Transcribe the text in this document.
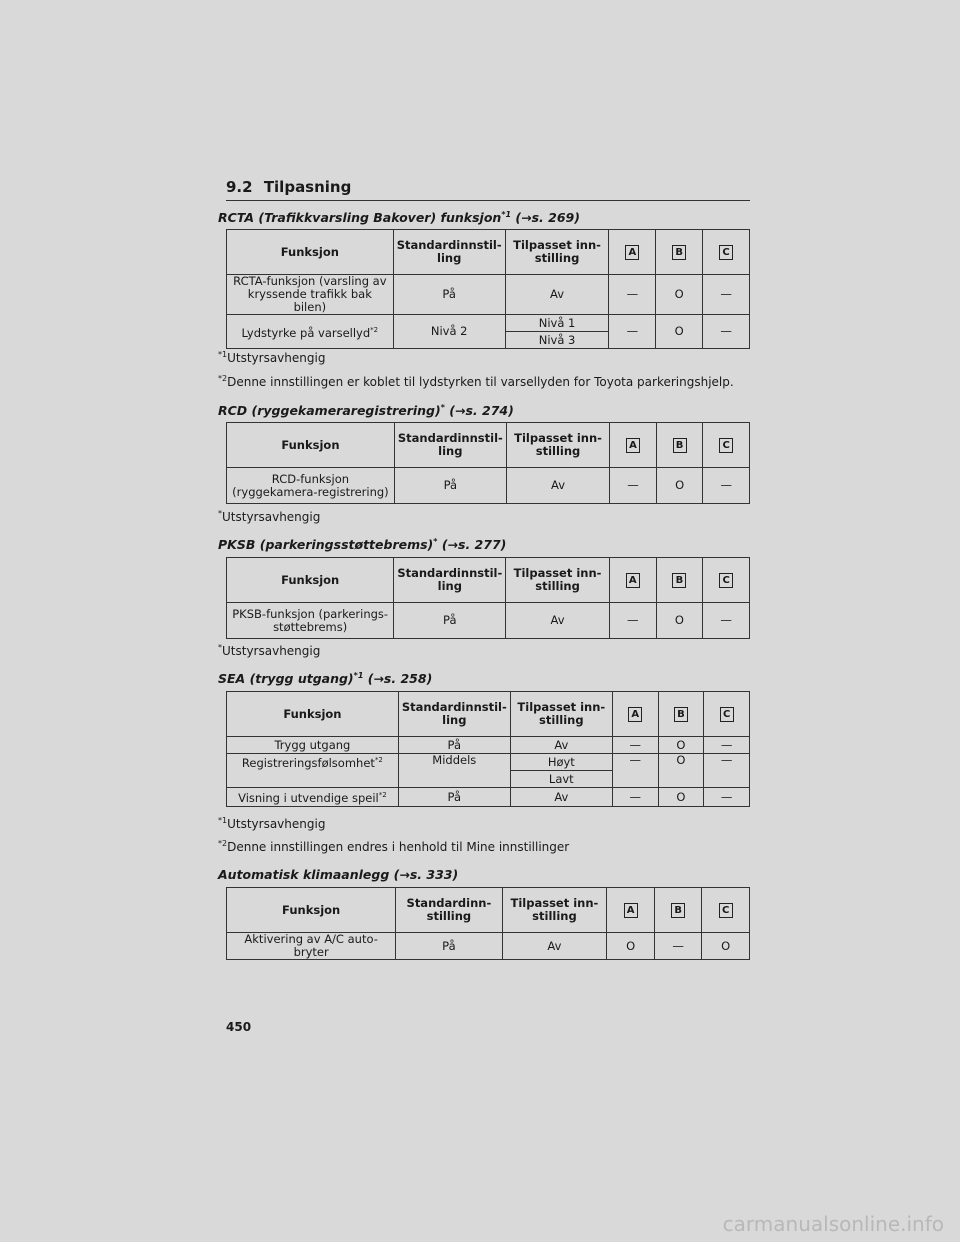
9.2 Tilpasning
RCTA (Trafikkvarsling Bakover) funksjon$^{*1}$ (→s. 269)
Funksjon	Standardinnstil-ling	Tilpasset inn-stilling	A	B	C
RCTA-funksjon (varsling av kryssende trafikk bak bilen)	På	Av	—	O	—
Lydstyrke på varsellyd$^{*2}$	Nivå 2	Nivå 1	—	O	—
		Nivå 3			
$^{*1}$Utstyrsavhengig
$^{*2}$Denne innstillingen er koblet til lydstyrken til varsellyden for Toyota parkeringshjelp.
RCD (ryggekameraregistrering)* (→s. 274)
Funksjon	Standardinnstil-ling	Tilpasset inn-stilling	A	B	C
RCD-funksjon (ryggekamera-registrering)	På	Av	—	O	—
*Utstyrsavhengig
PKSB (parkeringsstøttebrems)* (→s. 277)
Funksjon	Standardinnstil-ling	Tilpasset inn-stilling	A	B	C
PKSB-funksjon (parkerings-støttebrems)	På	Av	—	O	—
*Utstyrsavhengig
SEA (trygg utgang)$^{*1}$ (→s. 258)
Funksjon	Standardinnstil-ling	Tilpasset inn-stilling	A	B	C
Trygg utgang	På	Av	—	O	—
Registreringsfølsomhet$^{*2}$	Middels	Høyt	—	O	—
		Lavt			
Visning i utvendige speil$^{*2}$	På	Av	—	O	—
$^{*1}$Utstyrsavhengig
$^{*2}$Denne innstillingen endres i henhold til Mine innstillinger
Automatisk klimaanlegg (→s. 333)
Funksjon	Standardinn-stilling	Tilpasset inn-stilling	A	B	C
Aktivering av A/C auto-bryter	På	Av	O	—	O
450
carmanualsonline.info
